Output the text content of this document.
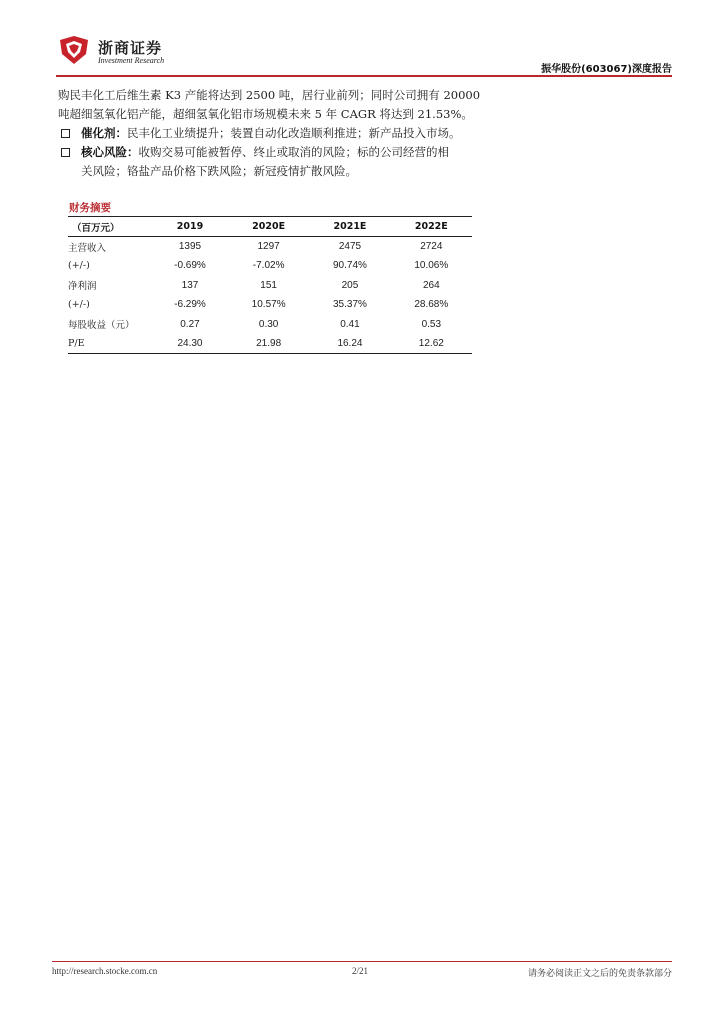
浙商证券
Investment Research
振华股份(603067)深度报告

购民丰化工后维生素 K3 产能将达到 2500 吨，居行业前列；同时公司拥有 20000

吨超细氢氧化铝产能，超细氢氧化铝市场规模未来 5 年 CAGR 将达到 21.53%。

催化剂：民丰化工业绩提升；装置自动化改造顺利推进；新产品投入市场。
核心风险：收购交易可能被暂停、终止或取消的风险；标的公司经营的相
关风险；铬盐产品价格下跌风险；新冠疫情扩散风险。
财务摘要
（百万元）	2019	2020E	2021E	2022E
主营收入	1395	1297	2475	2724
(+/-)	-0.69%	-7.02%	90.74%	10.06%
净利润	137	151	205	264
(+/-)	-6.29%	10.57%	35.37%	28.68%
每股收益（元）	0.27	0.30	0.41	0.53
P/E	24.30	21.98	16.24	12.62
http://research.stocke.com.cn	2/21	请务必阅读正文之后的免责条款部分
